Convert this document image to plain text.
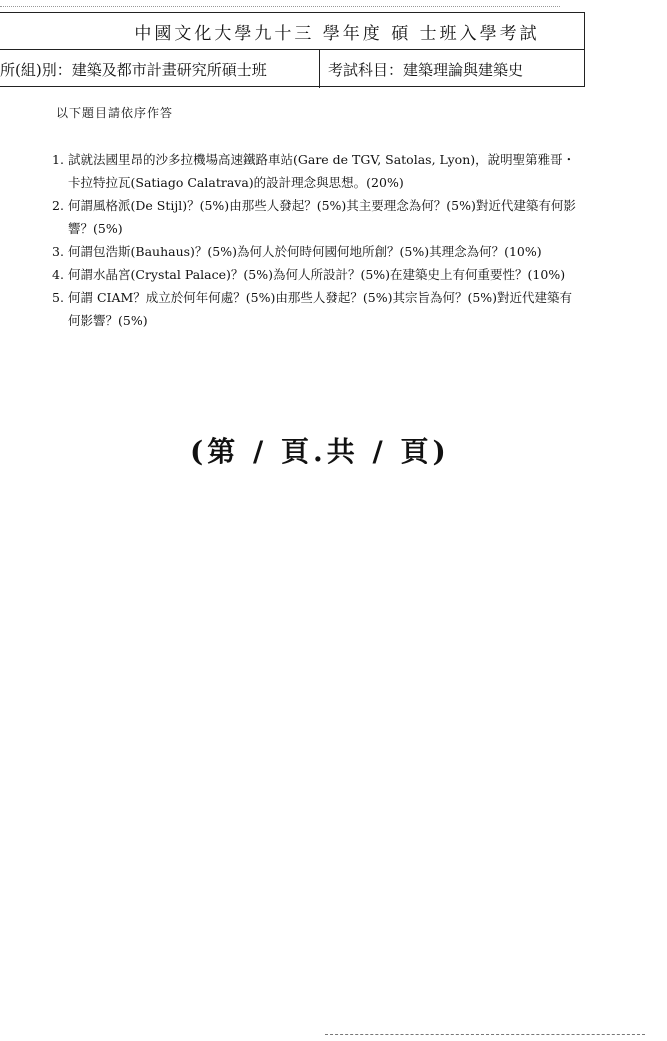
中國文化大學九十三 學年度 碩 士班入學考試
所(組)別：建築及都市計畫研究所碩士班	考試科目：建築理論與建築史
以下題目請依序作答
1. 試就法國里昂的沙多拉機場高速鐵路車站(Gare de TGV, Satolas, Lyon)，說明聖第雅哥・卡拉特拉瓦(Satiago Calatrava)的設計理念與思想。(20%)
2. 何謂風格派(De Stijl)？(5%)由那些人發起？(5%)其主要理念為何？(5%)對近代建築有何影響？(5%)
3. 何謂包浩斯(Bauhaus)？(5%)為何人於何時何國何地所創？(5%)其理念為何？(10%)
4. 何謂水晶宮(Crystal Palace)？(5%)為何人所設計？(5%)在建築史上有何重要性？(10%)
5. 何謂 CIAM？成立於何年何處？(5%)由那些人發起？(5%)其宗旨為何？(5%)對近代建築有何影響？(5%)
(第 / 頁.共 / 頁)
